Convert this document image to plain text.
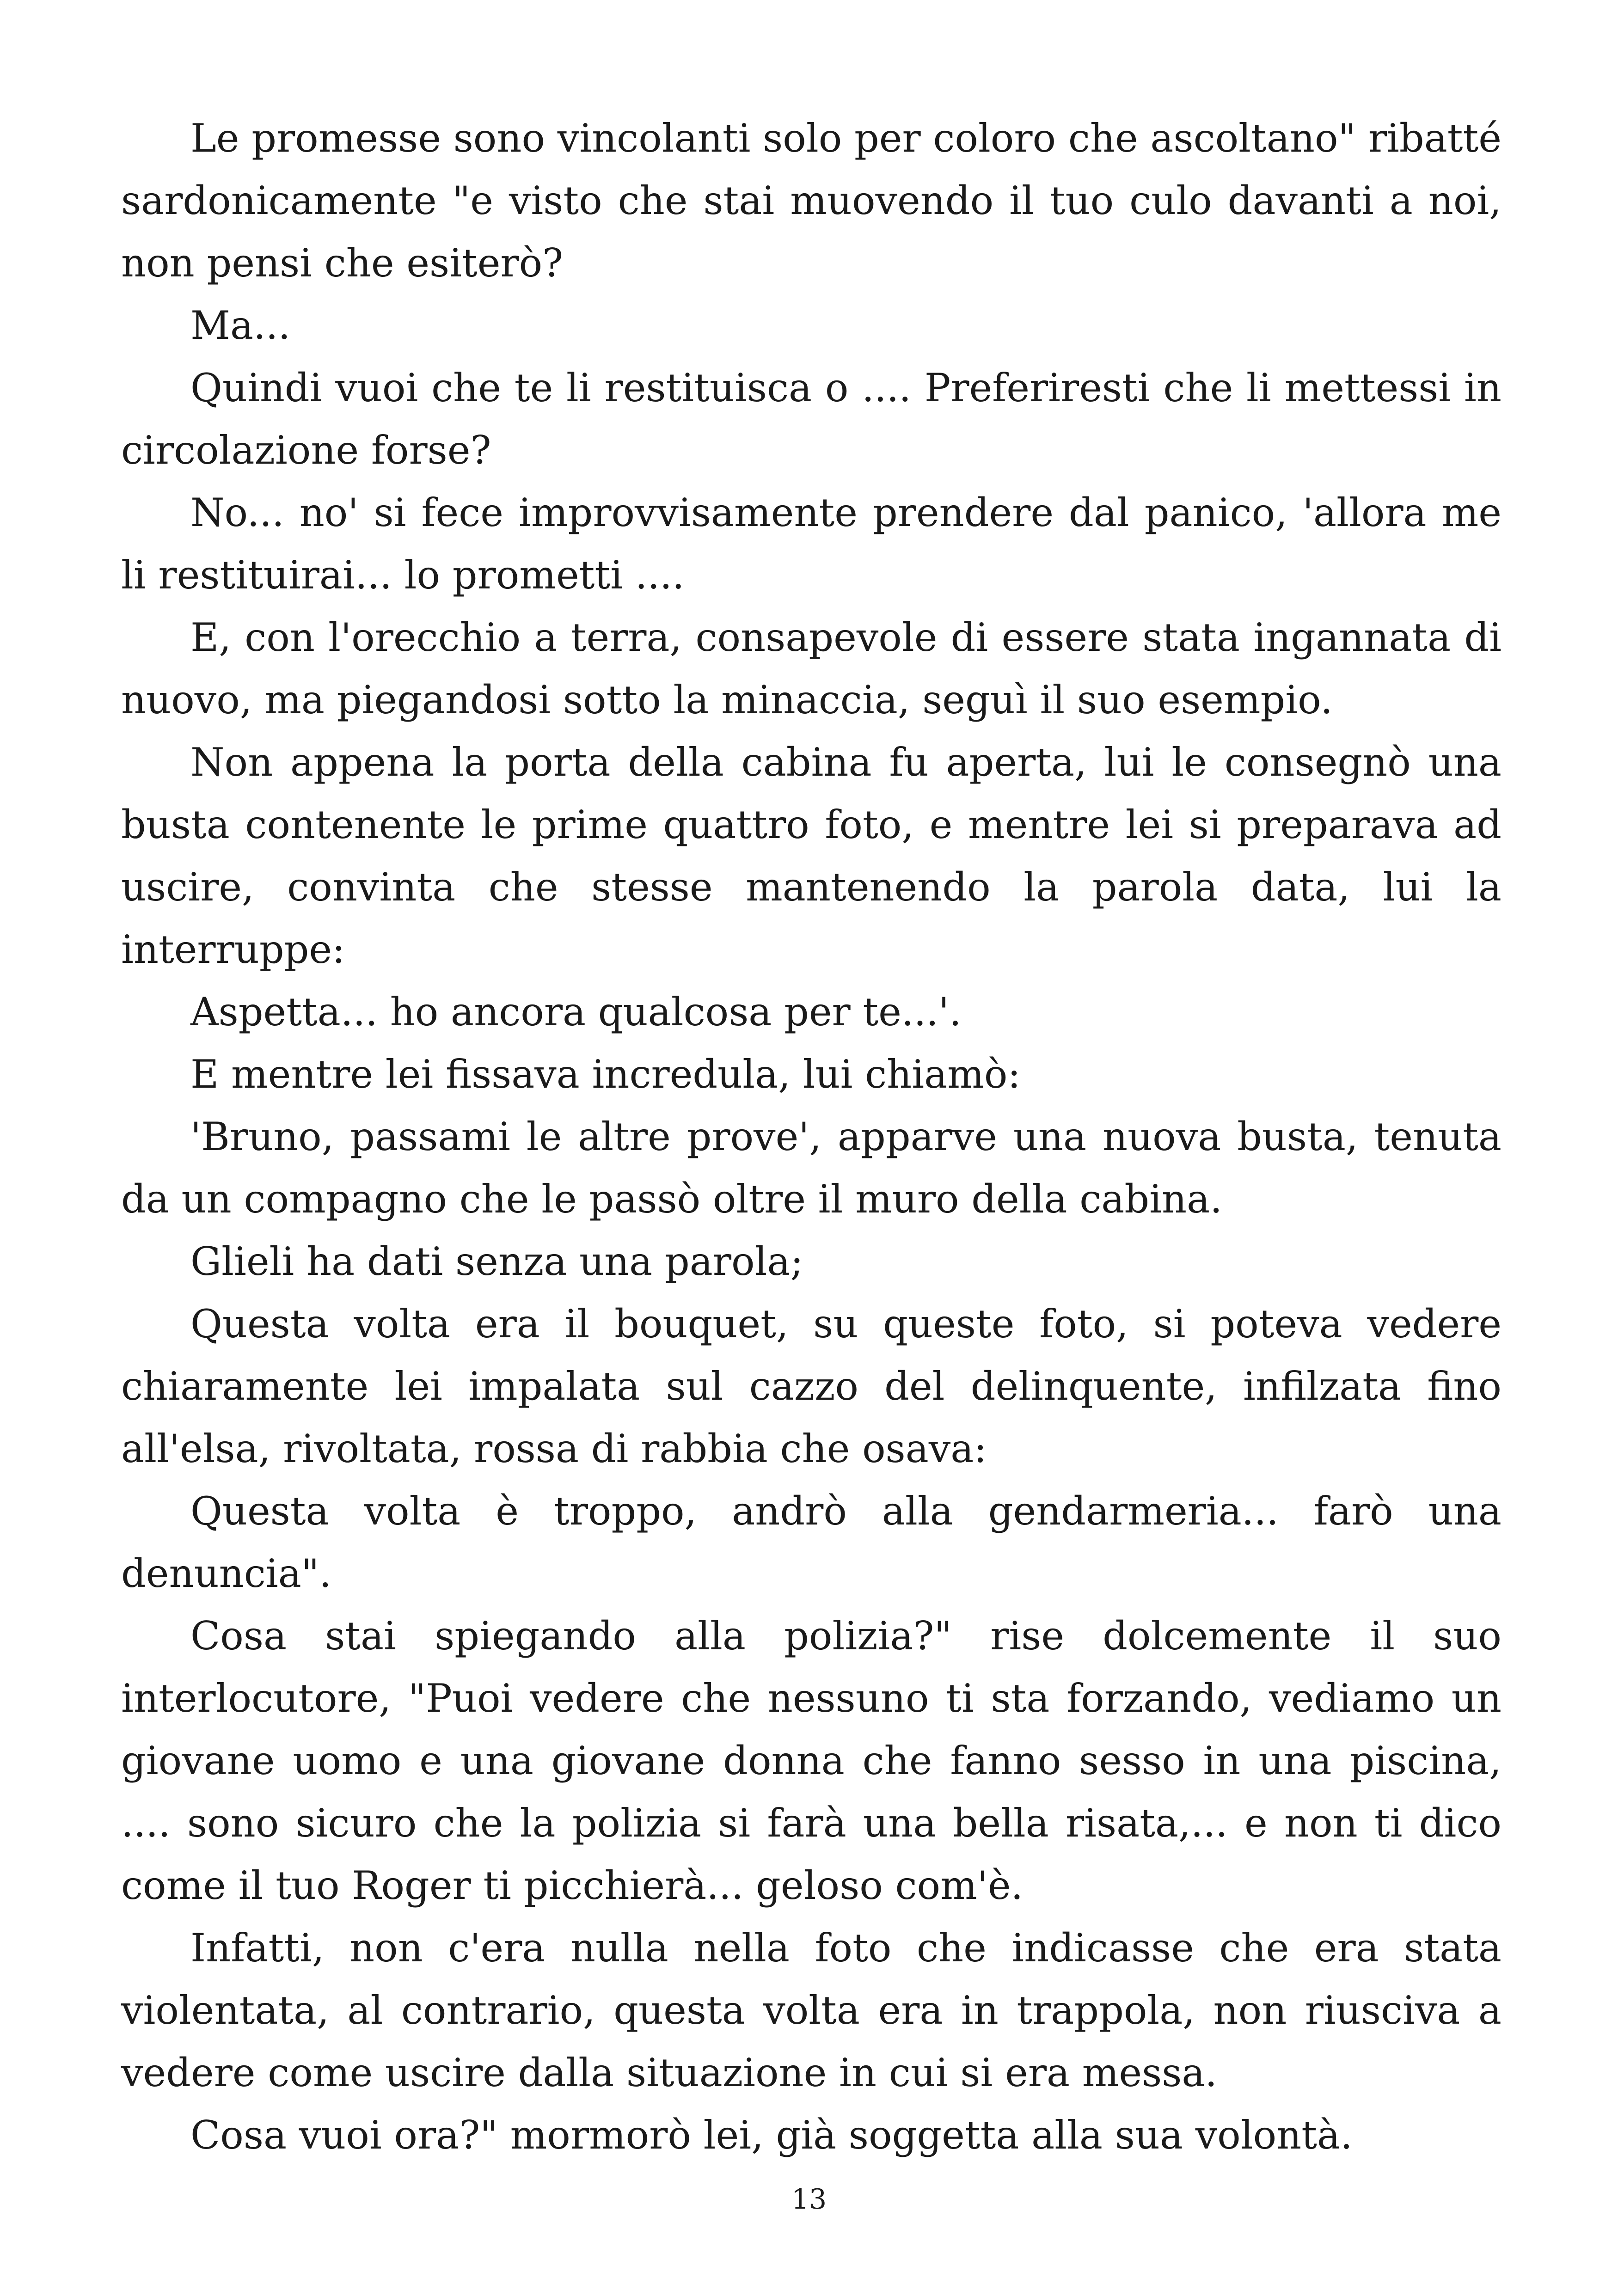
Le promesse sono vincolanti solo per coloro che ascoltano" ribatté sardonicamente "e visto che stai muovendo il tuo culo davanti a noi, non pensi che esiterò?

Ma...

Quindi vuoi che te li restituisca o .... Preferiresti che li mettessi in circolazione forse?

No... no' si fece improvvisamente prendere dal panico, 'allora me li restituirai... lo prometti ....

E, con l'orecchio a terra, consapevole di essere stata ingannata di nuovo, ma piegandosi sotto la minaccia, seguì il suo esempio.

Non appena la porta della cabina fu aperta, lui le consegnò una busta contenente le prime quattro foto, e mentre lei si preparava ad uscire, convinta che stesse mantenendo la parola data, lui la interruppe:

Aspetta... ho ancora qualcosa per te...'.

E mentre lei fissava incredula, lui chiamò:

'Bruno, passami le altre prove', apparve una nuova busta, tenuta da un compagno che le passò oltre il muro della cabina.

Glieli ha dati senza una parola;

Questa volta era il bouquet, su queste foto, si poteva vedere chiaramente lei impalata sul cazzo del delinquente, infilzata fino all'elsa, rivoltata, rossa di rabbia che osava:

Questa volta è troppo, andrò alla gendarmeria... farò una denuncia".

Cosa stai spiegando alla polizia?" rise dolcemente il suo interlocutore, "Puoi vedere che nessuno ti sta forzando, vediamo un giovane uomo e una giovane donna che fanno sesso in una piscina, .... sono sicuro che la polizia si farà una bella risata,... e non ti dico come il tuo Roger ti picchierà... geloso com'è.

Infatti, non c'era nulla nella foto che indicasse che era stata violentata, al contrario, questa volta era in trappola, non riusciva a vedere come uscire dalla situazione in cui si era messa.

Cosa vuoi ora?" mormorò lei, già soggetta alla sua volontà.

13
